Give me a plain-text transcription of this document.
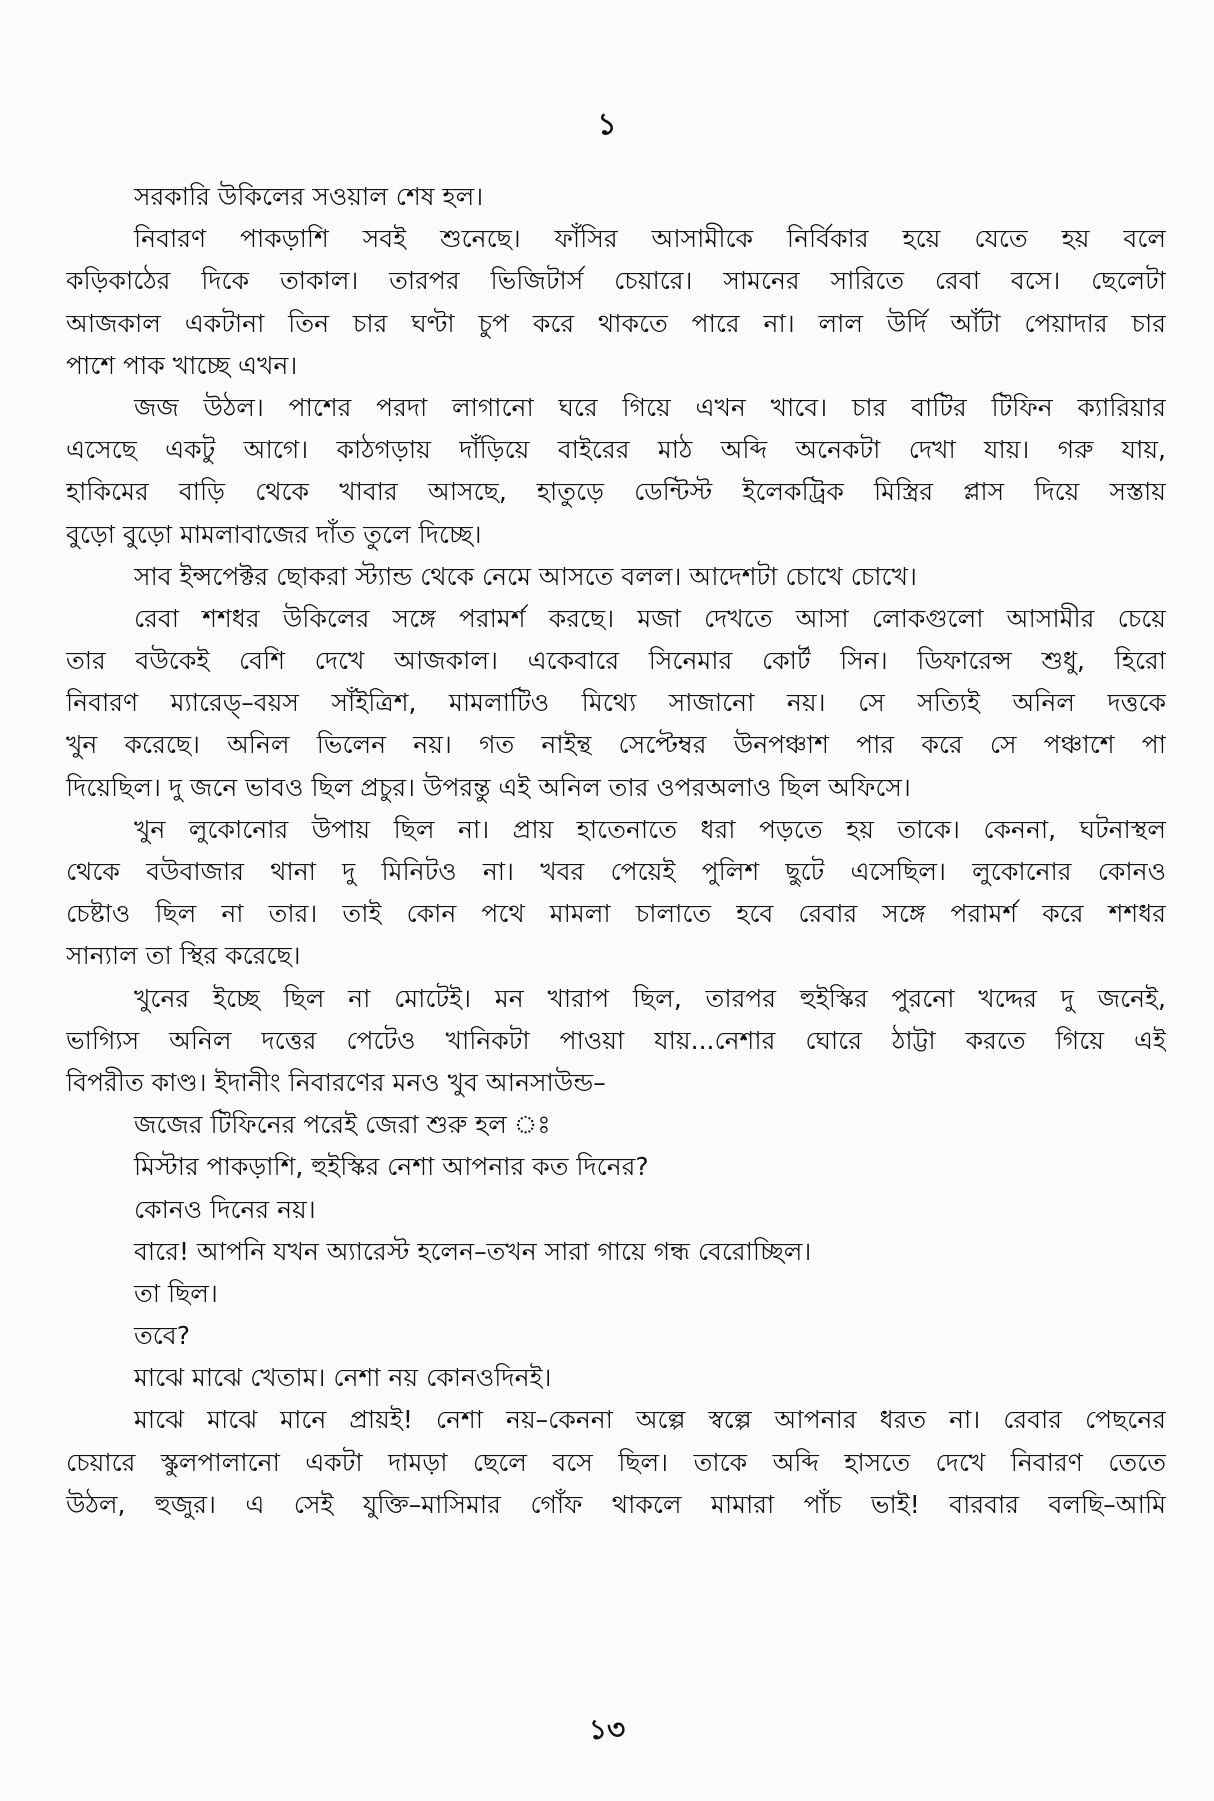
১
সরকারি উকিলের সওয়াল শেষ হল।
নিবারণ পাকড়াশি সবই শুনেছে। ফাঁসির আসামীকে নির্বিকার হয়ে যেতে হয় বলে
কড়িকাঠের দিকে তাকাল। তারপর ভিজিটার্স চেয়ারে। সামনের সারিতে রেবা বসে। ছেলেটা
আজকাল একটানা তিন চার ঘণ্টা চুপ করে থাকতে পারে না। লাল উর্দি আঁটা পেয়াদার চার
পাশে পাক খাচ্ছে এখন।
জজ উঠল। পাশের পরদা লাগানো ঘরে গিয়ে এখন খাবে। চার বাটির টিফিন ক্যারিয়ার
এসেছে একটু আগে। কাঠগড়ায় দাঁড়িয়ে বাইরের মাঠ অব্দি অনেকটা দেখা যায়। গরু যায়,
হাকিমের বাড়ি থেকে খাবার আসছে, হাতুড়ে ডেন্টিস্ট ইলেকট্রিক মিস্ত্রির প্লাস দিয়ে সস্তায়
বুড়ো বুড়ো মামলাবাজের দাঁত তুলে দিচ্ছে।
সাব ইন্সপেক্টর ছোকরা স্ট্যান্ড থেকে নেমে আসতে বলল। আদেশটা চোখে চোখে।
রেবা শশধর উকিলের সঙ্গে পরামর্শ করছে। মজা দেখতে আসা লোকগুলো আসামীর চেয়ে
তার বউকেই বেশি দেখে আজকাল। একেবারে সিনেমার কোর্ট সিন। ডিফারেন্স শুধু, হিরো
নিবারণ ম্যারেড্–বয়স সাঁইত্রিশ, মামলাটিও মিথ্যে সাজানো নয়। সে সত্যিই অনিল দত্তকে
খুন করেছে। অনিল ভিলেন নয়। গত নাইন্থ সেপ্টেম্বর উনপঞ্চাশ পার করে সে পঞ্চাশে পা
দিয়েছিল। দু জনে ভাবও ছিল প্রচুর। উপরন্তু এই অনিল তার ওপরঅলাও ছিল অফিসে।
খুন লুকোনোর উপায় ছিল না। প্রায় হাতেনাতে ধরা পড়তে হয় তাকে। কেননা, ঘটনাস্থল
থেকে বউবাজার থানা দু মিনিটও না। খবর পেয়েই পুলিশ ছুটে এসেছিল। লুকোনোর কোনও
চেষ্টাও ছিল না তার। তাই কোন পথে মামলা চালাতে হবে রেবার সঙ্গে পরামর্শ করে শশধর
সান্যাল তা স্থির করেছে।
খুনের ইচ্ছে ছিল না মোটেই। মন খারাপ ছিল, তারপর হুইস্কির পুরনো খদ্দের দু জনেই,
ভাগ্যিস অনিল দত্তের পেটেও খানিকটা পাওয়া যায়...নেশার ঘোরে ঠাট্টা করতে গিয়ে এই
বিপরীত কাণ্ড। ইদানীং নিবারণের মনও খুব আনসাউন্ড–
জজের টিফিনের পরেই জেরা শুরু হল ঃ
মিস্টার পাকড়াশি, হুইস্কির নেশা আপনার কত দিনের?
কোনও দিনের নয়।
বারে! আপনি যখন অ্যারেস্ট হলেন–তখন সারা গায়ে গন্ধ বেরোচ্ছিল।
তা ছিল।
তবে?
মাঝে মাঝে খেতাম। নেশা নয় কোনওদিনই।
মাঝে মাঝে মানে প্রায়ই! নেশা নয়–কেননা অল্পে স্বল্পে আপনার ধরত না। রেবার পেছনের
চেয়ারে স্কুলপালানো একটা দামড়া ছেলে বসে ছিল। তাকে অব্দি হাসতে দেখে নিবারণ তেতে
উঠল, হুজুর। এ সেই যুক্তি–মাসিমার গোঁফ থাকলে মামারা পাঁচ ভাই! বারবার বলছি–আমি
১৩
